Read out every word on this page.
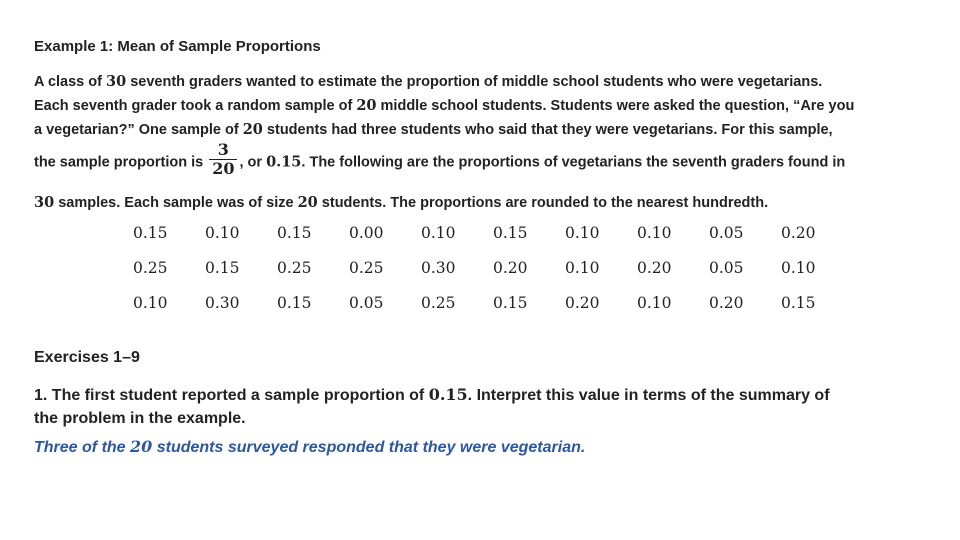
Example 1: Mean of Sample Proportions
A class of 30 seventh graders wanted to estimate the proportion of middle school students who were vegetarians.
Each seventh grader took a random sample of 20 middle school students. Students were asked the question, “Are you
a vegetarian?” One sample of 20 students had three students who said that they were vegetarians. For this sample,
the sample proportion is $\frac{3}{20}$ , or 0.15. The following are the proportions of vegetarians the seventh graders found in
30 samples. Each sample was of size 20 students. The proportions are rounded to the nearest hundredth.
0.15	0.10	0.15	0.00	0.10	0.15	0.10	0.10	0.05	0.20
0.25	0.15	0.25	0.25	0.30	0.20	0.10	0.20	0.05	0.10
0.10	0.30	0.15	0.05	0.25	0.15	0.20	0.10	0.20	0.15
Exercises 1–9
1. The first student reported a sample proportion of 0.15. Interpret this value in terms of the summary of
the problem in the example.
Three of the 20 students surveyed responded that they were vegetarian.
